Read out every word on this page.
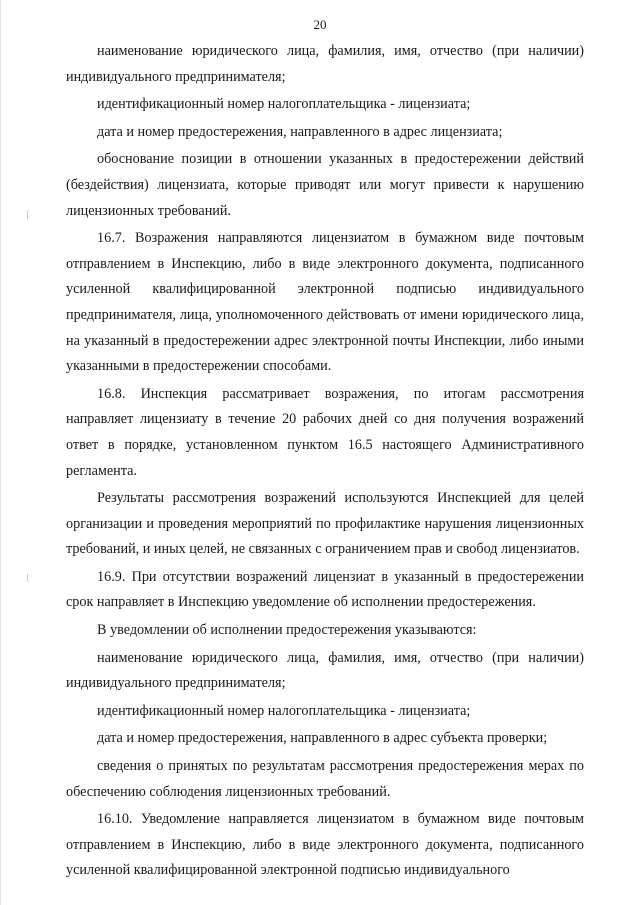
20

наименование юридического лица, фамилия, имя, отчество (при наличии) индивидуального предпринимателя;

идентификационный номер налогоплательщика - лицензиата;

дата и номер предостережения, направленного в адрес лицензиата;

обоснование позиции в отношении указанных в предостережении действий (бездействия) лицензиата, которые приводят или могут привести к нарушению лицензионных требований.

16.7. Возражения направляются лицензиатом в бумажном виде почтовым отправлением в Инспекцию, либо в виде электронного документа, подписанного усиленной квалифицированной электронной подписью индивидуального предпринимателя, лица, уполномоченного действовать от имени юридического лица, на указанный в предостережении адрес электронной почты Инспекции, либо иными указанными в предостережении способами.

16.8. Инспекция рассматривает возражения, по итогам рассмотрения направляет лицензиату в течение 20 рабочих дней со дня получения возражений ответ в порядке, установленном пунктом 16.5 настоящего Административного регламента.

Результаты рассмотрения возражений используются Инспекцией для целей организации и проведения мероприятий по профилактике нарушения лицензионных требований, и иных целей, не связанных с ограничением прав и свобод лицензиатов.

16.9. При отсутствии возражений лицензиат в указанный в предостережении срок направляет в Инспекцию уведомление об исполнении предостережения.

В уведомлении об исполнении предостережения указываются:

наименование юридического лица, фамилия, имя, отчество (при наличии) индивидуального предпринимателя;

идентификационный номер налогоплательщика - лицензиата;

дата и номер предостережения, направленного в адрес субъекта проверки;

сведения о принятых по результатам рассмотрения предостережения мерах по обеспечению соблюдения лицензионных требований.

16.10. Уведомление направляется лицензиатом в бумажном виде почтовым отправлением в Инспекцию, либо в виде электронного документа, подписанного усиленной квалифицированной электронной подписью индивидуального
